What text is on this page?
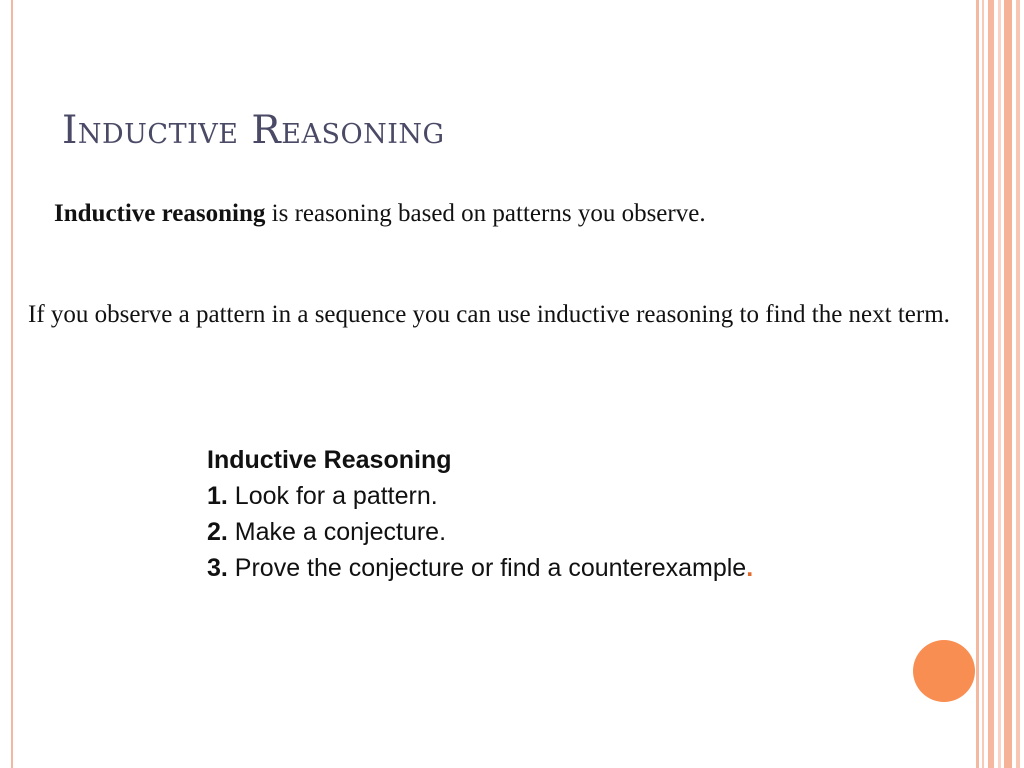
Inductive Reasoning

Inductive reasoning is reasoning based on patterns you observe.

If you observe a pattern in a sequence you can use inductive reasoning to find the next term.

Inductive Reasoning
1. Look for a pattern.
2. Make a conjecture.
3. Prove the conjecture or find a counterexample.
